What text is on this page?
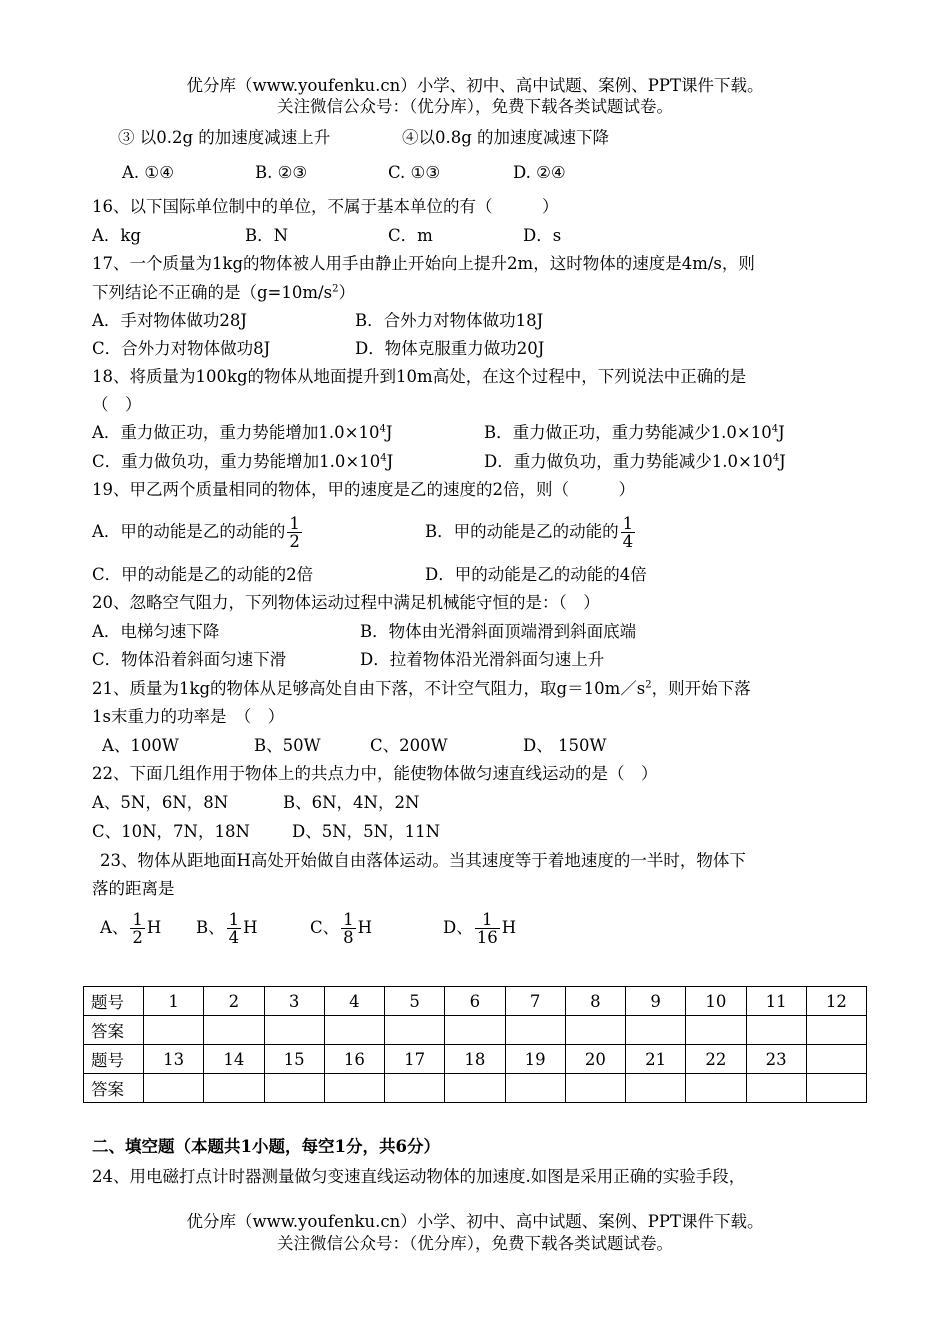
优分库（www.youfenku.cn）小学、初中、高中试题、案例、PPT课件下载。
关注微信公众号：（优分库），免费下载各类试题试卷。
③ 以0.2g 的加速度减速上升	④以0.8g 的加速度减速下降
A. ①④	B. ②③	C. ①③	D. ②④
16、以下国际单位制中的单位，不属于基本单位的有（　　　）
A．kg	B．N	C．m	D．s
17、一个质量为1kg的物体被人用手由静止开始向上提升2m，这时物体的速度是4m/s，则
下列结论不正确的是$(g=10m/s^2)$
A．手对物体做功28J	B．合外力对物体做功18J
C．合外力对物体做功8J	D．物体克服重力做功20J
18、将质量为100kg的物体从地面提升到10m高处，在这个过程中，下列说法中正确的是
（　）
A．重力做正功，重力势能增加$1.0\times 10^4J$	B．重力做正功，重力势能减少$1.0\times 10^4J$
C．重力做负功，重力势能增加$1.0\times 10^4J$	D．重力做负功，重力势能减少$1.0\times 10^4J$
19、甲乙两个质量相同的物体，甲的速度是乙的速度的2倍，则（　　　）
A．甲的动能是乙的动能的 $\frac{1}{2}$	B．甲的动能是乙的动能的 $\frac{1}{4}$
C．甲的动能是乙的动能的2倍	D．甲的动能是乙的动能的4倍
20、忽略空气阻力，下列物体运动过程中满足机械能守恒的是：（　）
A．电梯匀速下降	B．物体由光滑斜面顶端滑到斜面底端
C．物体沿着斜面匀速下滑	D．拉着物体沿光滑斜面匀速上升
21、质量为1kg的物体从足够高处自由下落，不计空气阻力，取$g=10m/s^2$，则开始下落
1s末重力的功率是　（　）
A、100W	B、50W	C、200W	D、 150W
22、下面几组作用于物体上的共点力中，能使物体做匀速直线运动的是（　）
A、5N，6N，8N	B、6N，4N，2N
C、10N，7N，18N	D、5N，5N，11N
23、物体从距地面H高处开始做自由落体运动。当其速度等于着地速度的一半时，物体下
落的距离是
A、 $\frac{1}{2}$ H B、 $\frac{1}{4}$ H	C、 $\frac{1}{8}$ H	D、 $\frac{1}{16}$ H
题号	1	2	3	4	5	6	7	8	9	10	11	12
答案												
题号	13	14	15	16	17	18	19	20	21	22	23	
答案												
二、填空题（本题共1小题，每空1分，共6分）
24、用电磁打点计时器测量做匀变速直线运动物体的加速度.如图是采用正确的实验手段，
优分库（www.youfenku.cn）小学、初中、高中试题、案例、PPT课件下载。
关注微信公众号：（优分库），免费下载各类试题试卷。
